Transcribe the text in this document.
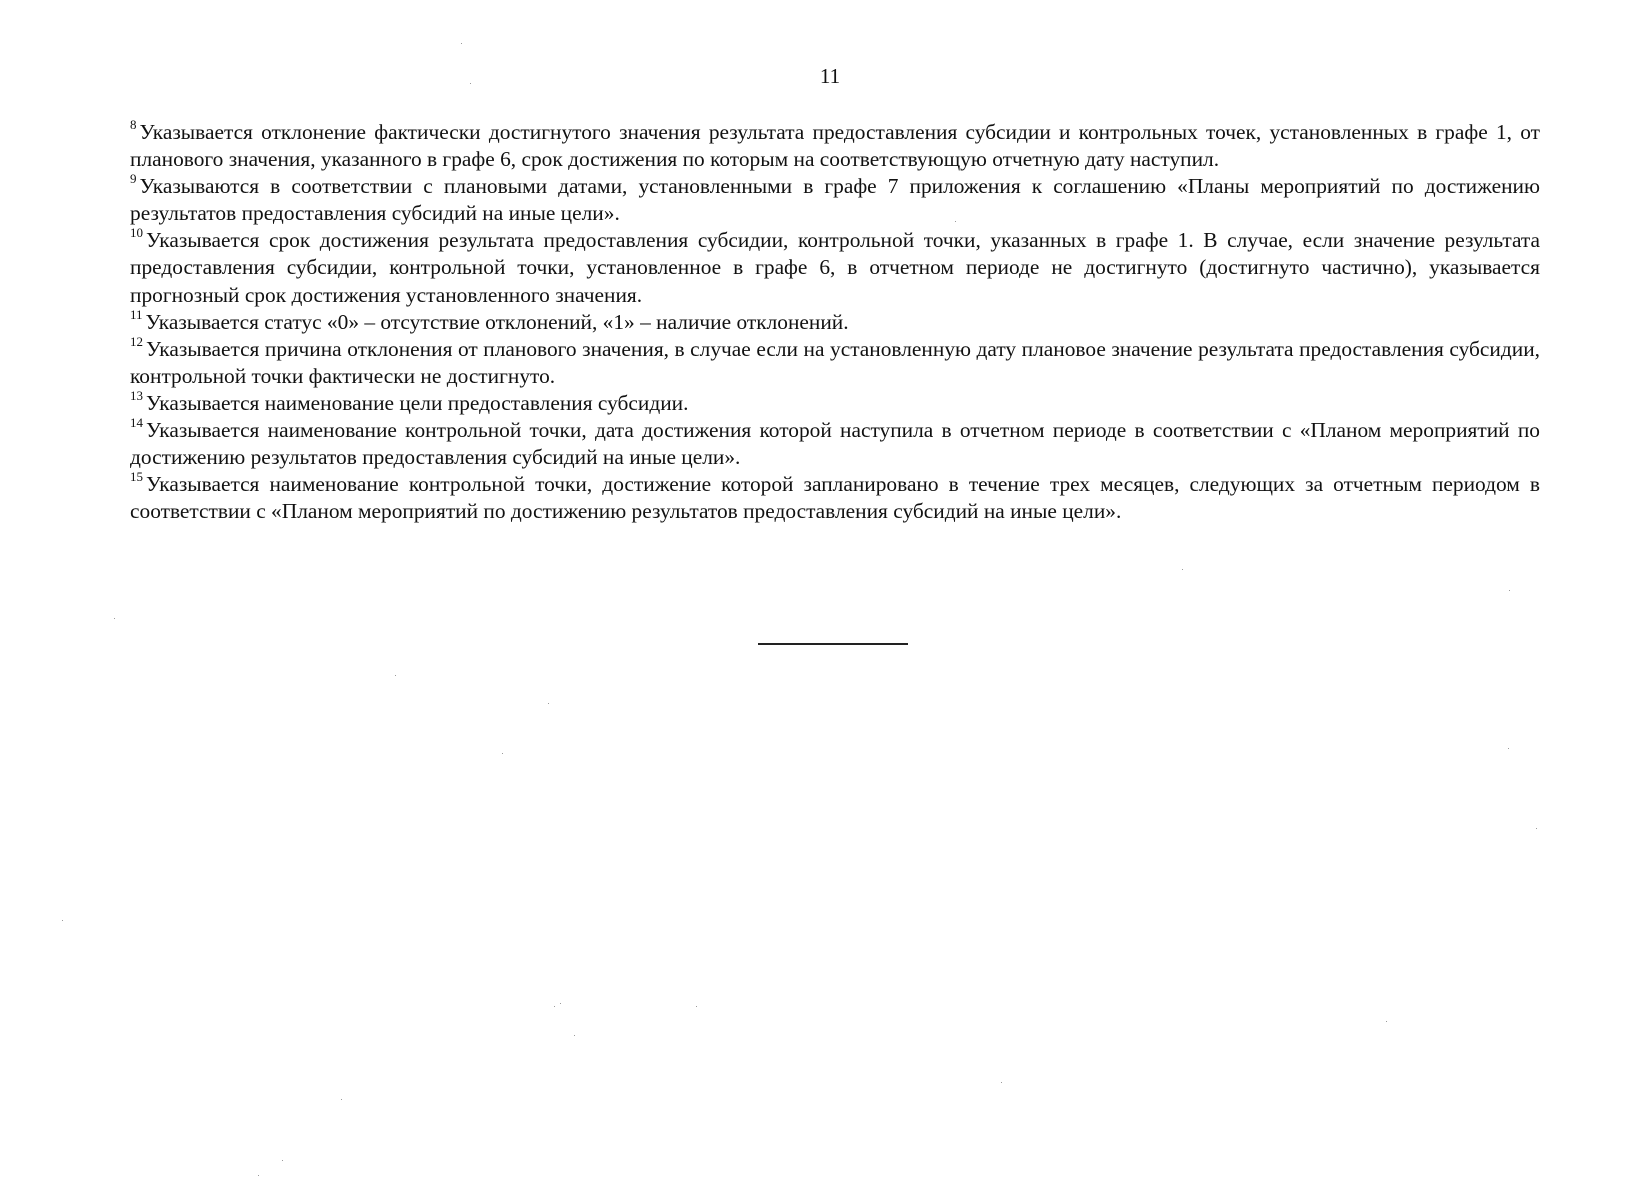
11

$^8$ Указывается отклонение фактически достигнутого значения результата предоставления субсидии и контрольных точек, установленных в графе 1, от планового значения, указанного в графе 6, срок достижения по которым на соответствующую отчетную дату наступил.

$^9$ Указываются в соответствии с плановыми датами, установленными в графе 7 приложения к соглашению «Планы мероприятий по достижению результатов предоставления субсидий на иные цели».

$^{10}$ Указывается срок достижения результата предоставления субсидии, контрольной точки, указанных в графе 1. В случае, если значение результата предоставления субсидии, контрольной точки, установленное в графе 6, в отчетном периоде не достигнуто (достигнуто частично), указывается прогнозный срок достижения установленного значения.

$^{11}$ Указывается статус «0» – отсутствие отклонений, «1» – наличие отклонений.

$^{12}$ Указывается причина отклонения от планового значения, в случае если на установленную дату плановое значение результата предоставления субсидии, контрольной точки фактически не достигнуто.

$^{13}$ Указывается наименование цели предоставления субсидии.

$^{14}$ Указывается наименование контрольной точки, дата достижения которой наступила в отчетном периоде в соответствии с «Планом мероприятий по достижению результатов предоставления субсидий на иные цели».

$^{15}$ Указывается наименование контрольной точки, достижение которой запланировано в течение трех месяцев, следующих за отчетным периодом в соответствии с «Планом мероприятий по достижению результатов предоставления субсидий на иные цели».
